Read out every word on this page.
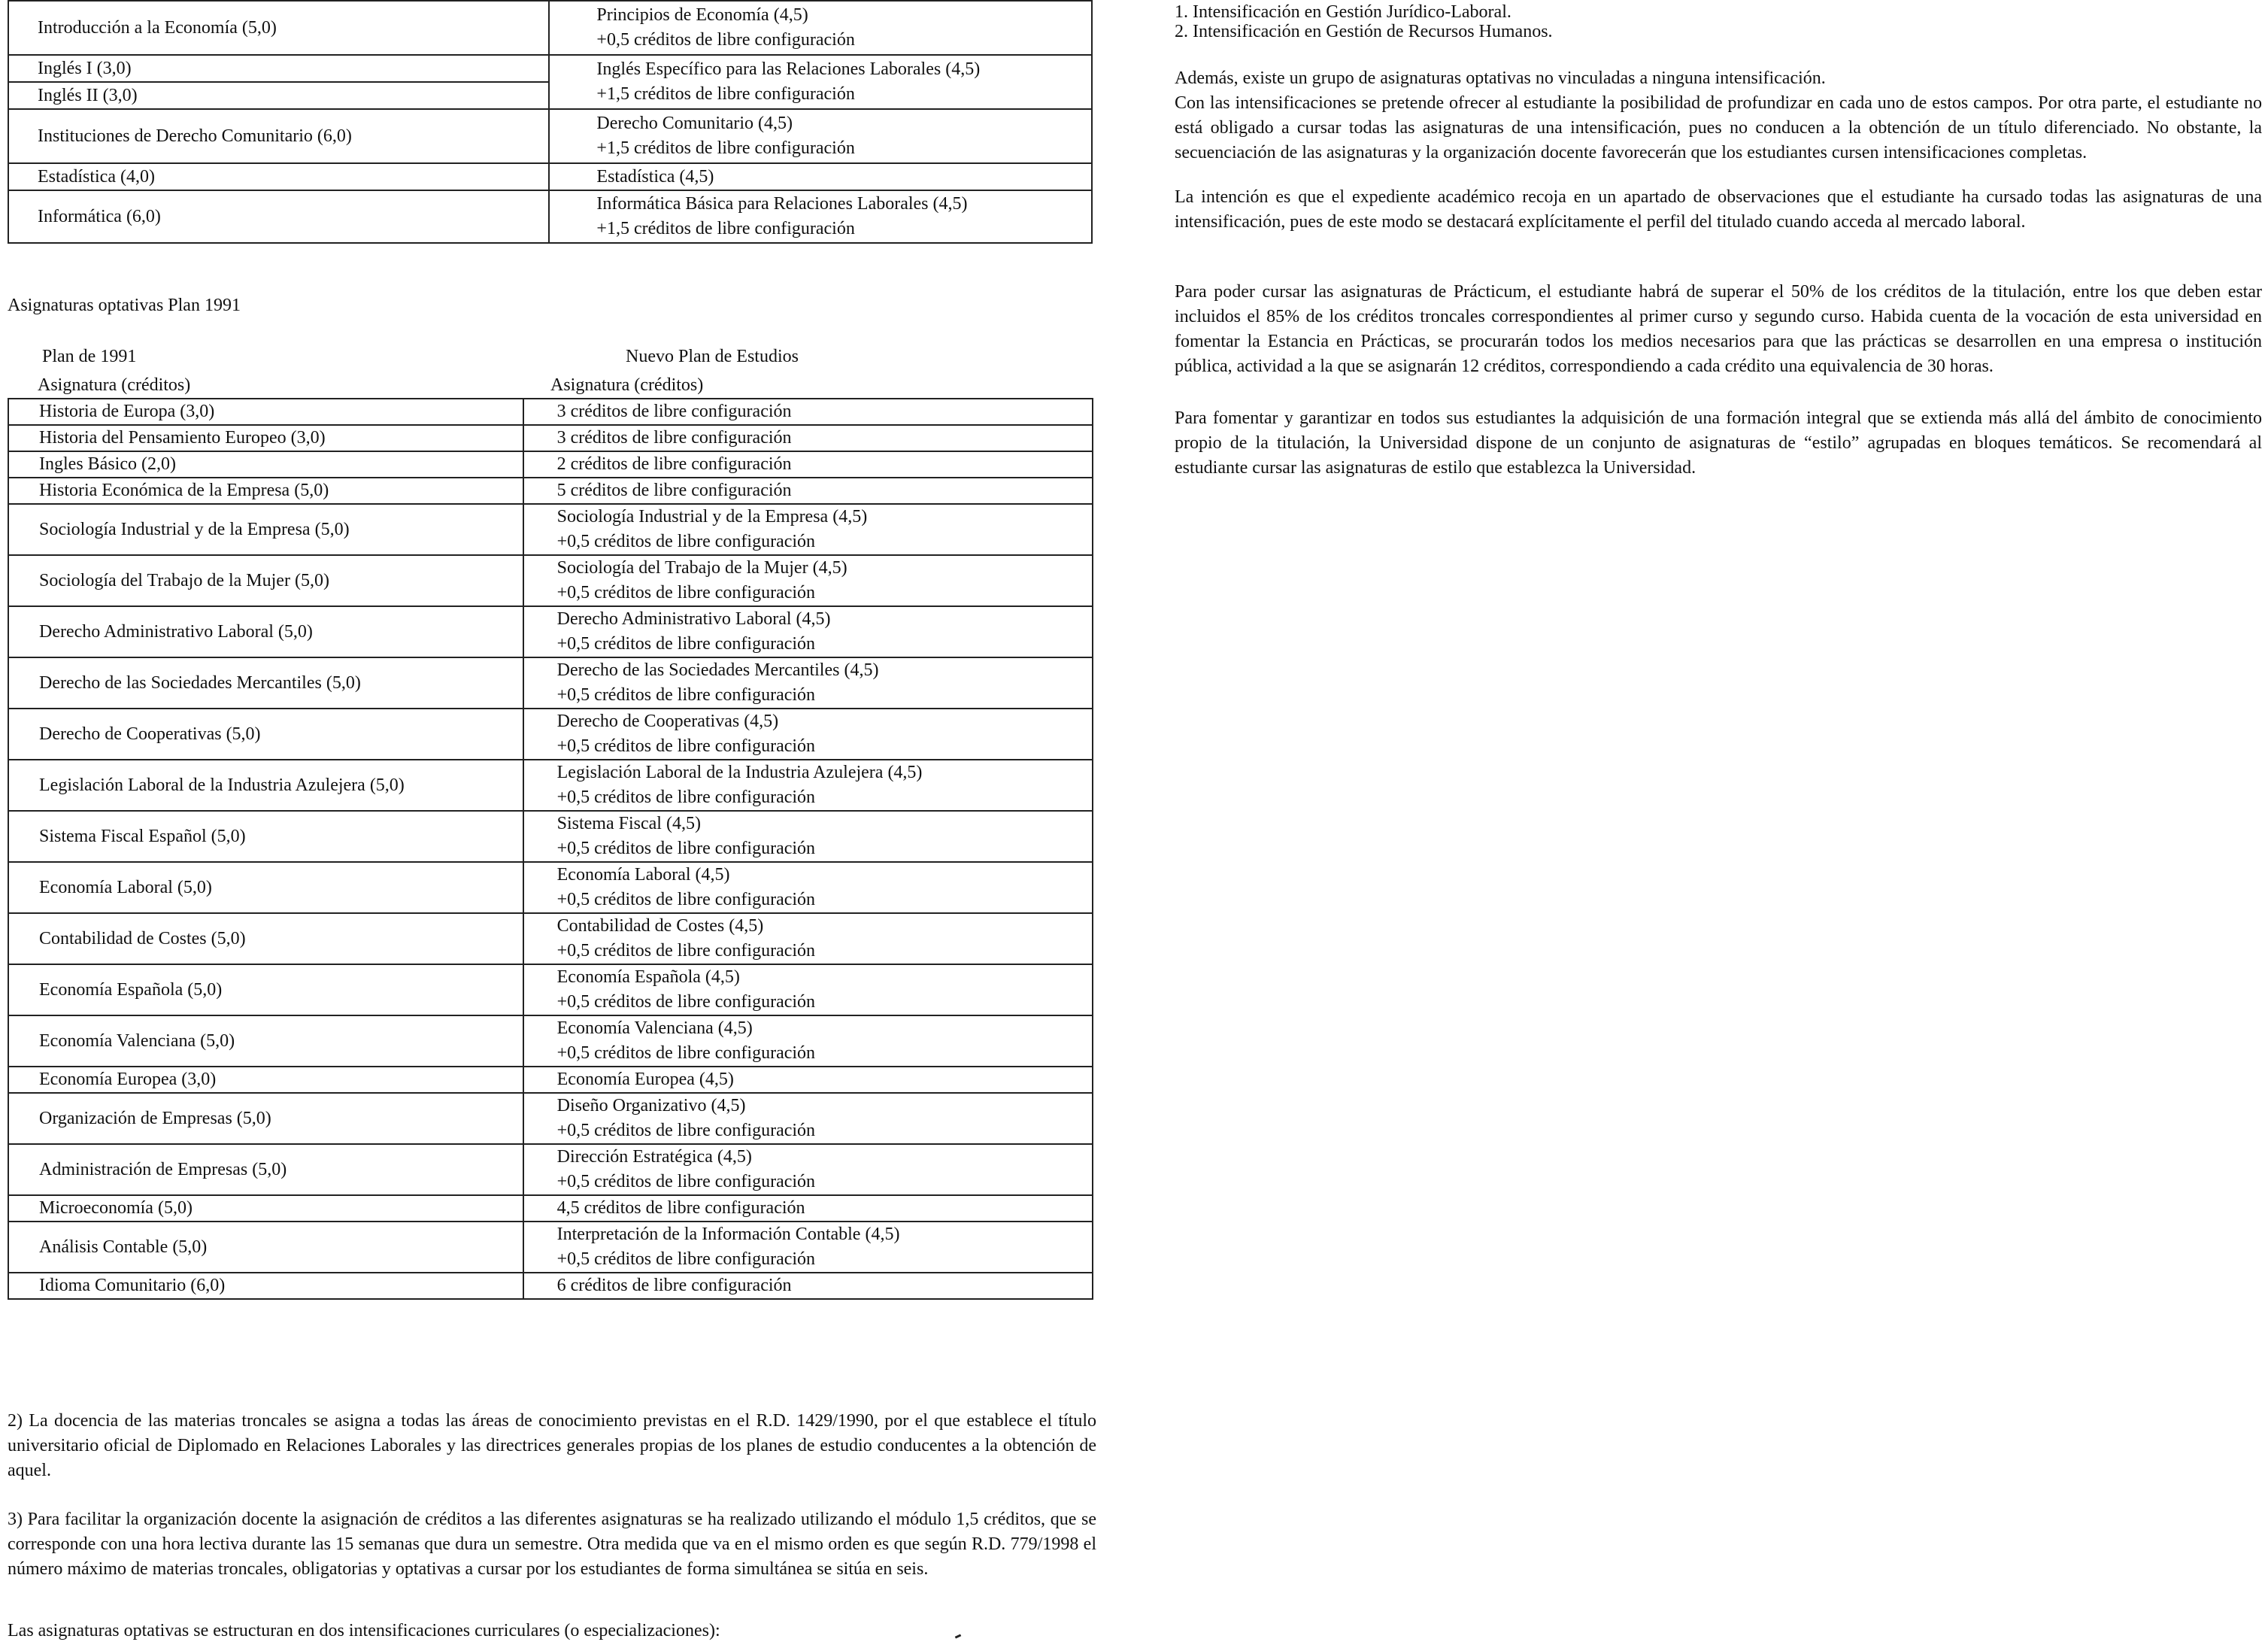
Introducción a la Economía (5,0)	Principios de Economía (4,5)
+0,5 créditos de libre configuración

Inglés I (3,0)	Inglés Específico para las Relaciones Laborales (4,5)
+1,5 créditos de libre configuración

Inglés II (3,0)	
Instituciones de Derecho Comunitario (6,0)	Derecho Comunitario (4,5)
+1,5 créditos de libre configuración

Estadística (4,0)	Estadística (4,5)

Informática (6,0)	Informática Básica para Relaciones Laborales (4,5)
+1,5 créditos de libre configuración
Asignaturas optativas Plan 1991
Plan de 1991
Asignatura (créditos)
Nuevo Plan de Estudios
Asignatura (créditos)
Historia de Europa (3,0)	3 créditos de libre configuración

Historia del Pensamiento Europeo (3,0)	3 créditos de libre configuración

Ingles Básico (2,0)	2 créditos de libre configuración

Historia Económica de la Empresa (5,0)	5 créditos de libre configuración

Sociología Industrial y de la Empresa (5,0)	Sociología Industrial y de la Empresa (4,5)
+0,5 créditos de libre configuración

Sociología del Trabajo de la Mujer (5,0)	Sociología del Trabajo de la Mujer (4,5)
+0,5 créditos de libre configuración

Derecho Administrativo Laboral (5,0)	Derecho Administrativo Laboral (4,5)
+0,5 créditos de libre configuración

Derecho de las Sociedades Mercantiles (5,0)	Derecho de las Sociedades Mercantiles (4,5)
+0,5 créditos de libre configuración

Derecho de Cooperativas (5,0)	Derecho de Cooperativas (4,5)
+0,5 créditos de libre configuración

Legislación Laboral de la Industria Azulejera (5,0)	Legislación Laboral de la Industria Azulejera (4,5)
+0,5 créditos de libre configuración

Sistema Fiscal Español (5,0)	Sistema Fiscal (4,5)
+0,5 créditos de libre configuración

Economía Laboral (5,0)	Economía Laboral (4,5)
+0,5 créditos de libre configuración

Contabilidad de Costes (5,0)	Contabilidad de Costes (4,5)
+0,5 créditos de libre configuración

Economía Española (5,0)	Economía Española (4,5)
+0,5 créditos de libre configuración

Economía Valenciana (5,0)	Economía Valenciana (4,5)
+0,5 créditos de libre configuración

Economía Europea (3,0)	Economía Europea (4,5)

Organización de Empresas (5,0)	Diseño Organizativo (4,5)
+0,5 créditos de libre configuración

Administración de Empresas (5,0)	Dirección Estratégica (4,5)
+0,5 créditos de libre configuración

Microeconomía (5,0)	4,5 créditos de libre configuración

Análisis Contable (5,0)	Interpretación de la Información Contable (4,5)
+0,5 créditos de libre configuración

Idioma Comunitario (6,0)	6 créditos de libre configuración
2) La docencia de las materias troncales se asigna a todas las áreas de conocimiento previstas en el R.D. 1429/1990, por el que establece el título universitario oficial de Diplomado en Relaciones Laborales y las directrices generales propias de los planes de estudio conducentes a la obtención de aquel.
3) Para facilitar la organización docente la asignación de créditos a las diferentes asignaturas se ha realizado utilizando el módulo 1,5 créditos, que se corresponde con una hora lectiva durante las 15 semanas que dura un semestre. Otra medida que va en el mismo orden es que según R.D. 779/1998 el número máximo de materias troncales, obligatorias y optativas a cursar por los estudiantes de forma simultánea se sitúa en seis.
Las asignaturas optativas se estructuran en dos intensificaciones curriculares (o especializaciones):
1. Intensificación en Gestión Jurídico-Laboral.
2. Intensificación en Gestión de Recursos Humanos.
Además, existe un grupo de asignaturas optativas no vinculadas a ninguna intensificación.
Con las intensificaciones se pretende ofrecer al estudiante la posibilidad de profundizar en cada uno de estos campos. Por otra parte, el estudiante no está obligado a cursar todas las asignaturas de una intensificación, pues no conducen a la obtención de un título diferenciado. No obstante, la secuenciación de las asignaturas y la organización docente favorecerán que los estudiantes cursen intensificaciones completas.
La intención es que el expediente académico recoja en un apartado de observaciones que el estudiante ha cursado todas las asignaturas de una intensificación, pues de este modo se destacará explícitamente el perfil del titulado cuando acceda al mercado laboral.
Para poder cursar las asignaturas de Prácticum, el estudiante habrá de superar el 50% de los créditos de la titulación, entre los que deben estar incluidos el 85% de los créditos troncales correspondientes al primer curso y segundo curso. Habida cuenta de la vocación de esta universidad en fomentar la Estancia en Prácticas, se procurarán todos los medios necesarios para que las prácticas se desarrollen en una empresa o institución pública, actividad a la que se asignarán 12 créditos, correspondiendo a cada crédito una equivalencia de 30 horas.
Para fomentar y garantizar en todos sus estudiantes la adquisición de una formación integral que se extienda más allá del ámbito de conocimiento propio de la titulación, la Universidad dispone de un conjunto de asignaturas de “estilo” agrupadas en bloques temáticos. Se recomendará al estudiante cursar las asignaturas de estilo que establezca la Universidad.
